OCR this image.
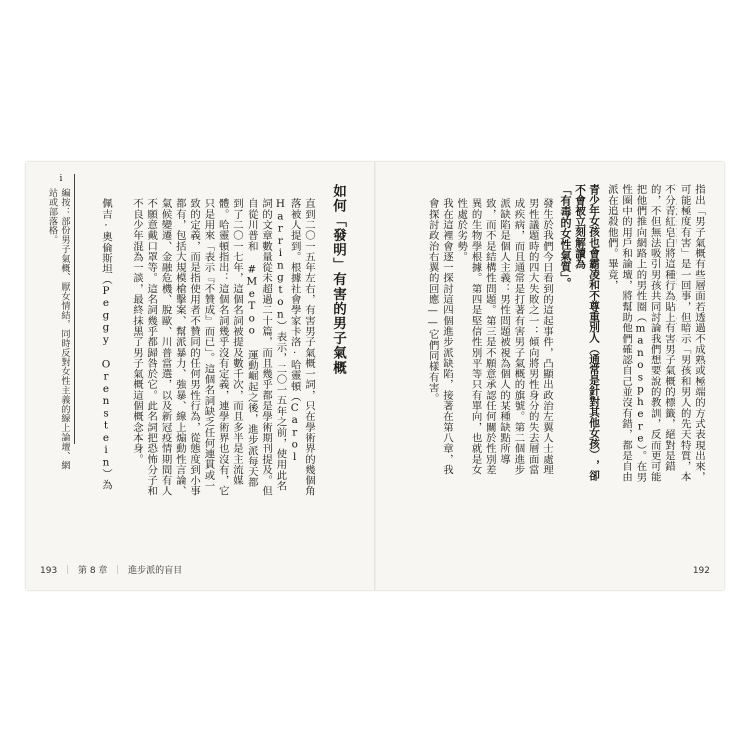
指出「男子氣概有些層面若透過不成熟或極端的方式表現出來，可能極度有害」是一回事，但暗示「男孩和男人的先天特質，本
不分青紅皂白將這種行為貼上有害男子氣概的標籤，絕對是錯的，不但無法吸引男孩共同討論我們想要說的教訓，反而更可能把他們推向網路上的男性圈（manosphere）。在男性圈中的用戶和論壇，將幫助他們確認自己並沒有錯，都是自由派在追殺他們。畢竟，
青少年女孩也會霸凌和不尊重別人（通常是針對其他女孩），卻不會被立刻解讀為
「有毒的女性氣質」。
發生於我們今日看到的這起事件，凸顯出政治左翼人士處理男性議題時的四大失敗之一：傾向將男性身分的失去層面當成疾病，而且通常是打著有害男子氣概的旗號。第二個進步派缺陷是個人主義：男性問題被視為個人的某種缺點所導致，而不是結構性問題。第三是不願意承認任何關於性別差異的生物學根據。第四是堅信性別平等只有單向，也就是女性處於劣勢。
我在這裡會逐一探討這四個進步派缺陷，接著在第八章，我會探討政治右翼的回應——它們同樣有害。
192
如何「發明」有害的男子氣概
直到二〇一五年左右，有害男子氣概一詞，只在學術界的幾個角落被人提到。根據社會學家卡洛·哈靈頓（Carol Harrington）表示，二〇一五年之前，使用此名詞的文章數量從未超過二十篇，而且幾乎都是學術期刊提及。但自從川普和 #MeToo 運動崛起之後，進步派每天都
到了二〇一七年，這個名詞被提及數千次，而且多半是主流媒體。哈靈頓指出：這個名詞幾乎沒有定義，連學術界也沒有，它只是用來「表示『不贊成』而已」。這個名詞缺乏任何連貫或一致的定義，而是指使用者不贊同的任何男性行為，從態度到小事都有，包括大規模槍擊案、幫派暴力、強暴、線上煽動性言論、氣候變遷、金融危機、脫歐、川普當選，以及新冠疫情期間有人不願意戴口罩等。這名詞幾乎都歸咎於它。此名詞把恐怖分子和不良少年混為一談，最終抹黑了男子氣概這個概念本身。
佩吉·奧倫斯坦（Peggy Orenstein）為
i
編按：部份男子氣概、厭女情結，同時反對女性主義的線上論壇、網站或部落格。
193 ｜ 第 8 章 ｜ 進步派的盲目
